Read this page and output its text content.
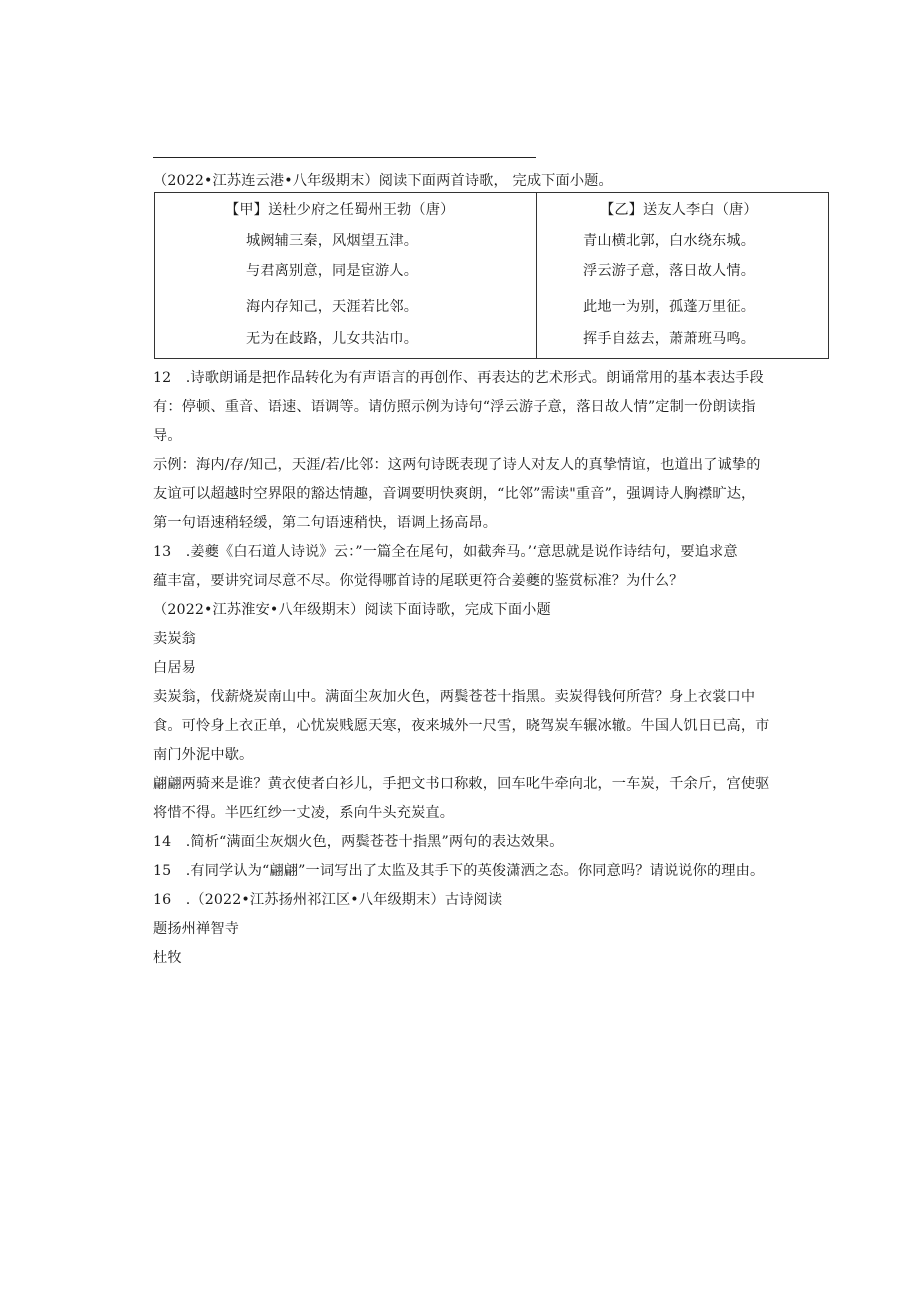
（2022•江苏连云港•八年级期末）阅读下面两首诗歌， 完成下面小题。
【甲】送杜少府之任蜀州王勃（唐）
城阙辅三秦，风烟望五津。
与君离别意，同是宦游人。
海内存知己，天涯若比邻。
无为在歧路，儿女共沾巾。
【乙】送友人李白（唐）
青山横北郭，白水绕东城。
浮云游子意，落日故人情。
此地一为别，孤蓬万里征。
挥手自兹去，萧萧班马鸣。
12　.诗歌朗诵是把作品转化为有声语言的再创作、再表达的艺术形式。朗诵常用的基本表达手段
有：停顿、重音、语速、语调等。请仿照示例为诗句“浮云游子意，落日故人情”定制一份朗读指
导。
示例：海内/存/知己，天涯/若/比邻：这两句诗既表现了诗人对友人的真挚情谊，也道出了诚挚的
友谊可以超越时空界限的豁达情趣，音调要明快爽朗，“比邻”需读"重音”，强调诗人胸襟旷达，
第一句语速稍轻缓，第二句语速稍快，语调上扬高昂。
13　.姜夔《白石道人诗说》云：”一篇全在尾句，如截奔马。’‘意思就是说作诗结句，要追求意
蕴丰富，要讲究词尽意不尽。你觉得哪首诗的尾联更符合姜夔的鉴赏标准？为什么？
（2022•江苏淮安•八年级期末）阅读下面诗歌，完成下面小题
卖炭翁
白居易
卖炭翁，伐薪烧炭南山中。满面尘灰加火色，两鬓苍苍十指黑。卖炭得钱何所营？身上衣裳口中
食。可怜身上衣正单，心忧炭贱愿天寒，夜来城外一尺雪，晓驾炭车辗冰辙。牛国人饥日已高，市
南门外泥中歇。
翩翩两骑来是谁？黄衣使者白衫儿，手把文书口称敕，回车叱牛牵向北，一车炭，千余斤，宫使驱
将惜不得。半匹红纱一丈凌，系向牛头充炭直。
14　.简析“满面尘灰烟火色，两鬓苍苍十指黑”两句的表达效果。
15　.有同学认为“翩翩”一词写出了太监及其手下的英俊潇洒之态。你同意吗？请说说你的理由。
16　.（2022•江苏扬州祁江区•八年级期末）古诗阅读
题扬州禅智寺
杜牧
